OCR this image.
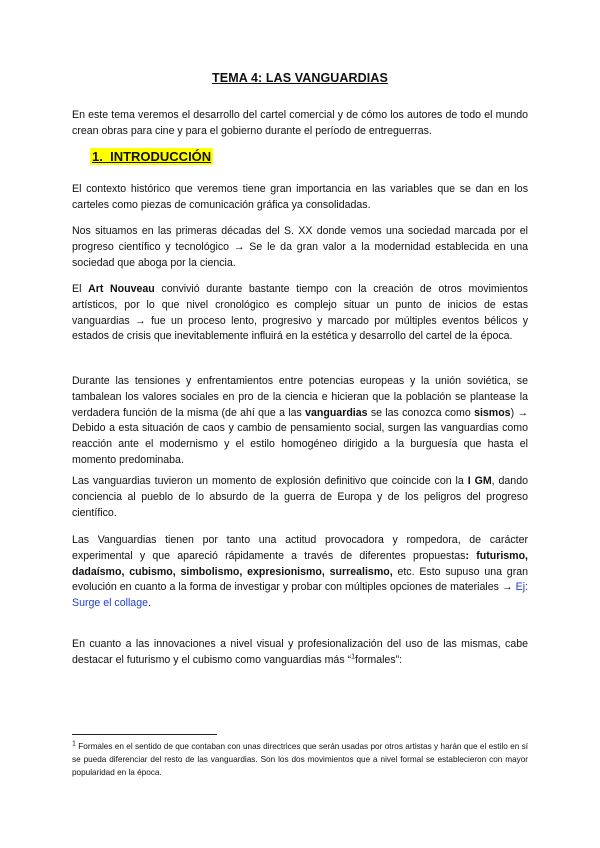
TEMA 4: LAS VANGUARDIAS

En este tema veremos el desarrollo del cartel comercial y de cómo los autores de todo el mundo crean obras para cine y para el gobierno durante el período de entreguerras.

1. INTRODUCCIÓN

El contexto histórico que veremos tiene gran importancia en las variables que se dan en los carteles como piezas de comunicación gráfica ya consolidadas.

Nos situamos en las primeras décadas del S. XX donde vemos una sociedad marcada por el progreso científico y tecnológico → Se le da gran valor a la modernidad establecida en una sociedad que aboga por la ciencia.

El Art Nouveau convivió durante bastante tiempo con la creación de otros movimientos artísticos, por lo que nivel cronológico es complejo situar un punto de inicios de estas vanguardias → fue un proceso lento, progresivo y marcado por múltiples eventos bélicos y estados de crisis que inevitablemente influirá en la estética y desarrollo del cartel de la época.

Durante las tensiones y enfrentamientos entre potencias europeas y la unión soviética, se tambalean los valores sociales en pro de la ciencia e hicieran que la población se plantease la verdadera función de la misma (de ahí que a las vanguardias se las conozca como sismos) → Debido a esta situación de caos y cambio de pensamiento social, surgen las vanguardias como reacción ante el modernismo y el estilo homogéneo dirigido a la burguesía que hasta el momento predominaba.

Las vanguardias tuvieron un momento de explosión definitivo que coincide con la I GM, dando conciencia al pueblo de lo absurdo de la guerra de Europa y de los peligros del progreso científico.

Las Vanguardias tienen por tanto una actitud provocadora y rompedora, de carácter experimental y que apareció rápidamente a través de diferentes propuestas: futurismo, dadaísmo, cubismo, simbolismo, expresionismo, surrealismo, etc. Esto supuso una gran evolución en cuanto a la forma de investigar y probar con múltiples opciones de materiales → Ej: Surge el collage.

En cuanto a las innovaciones a nivel visual y profesionalización del uso de las mismas, cabe destacar el futurismo y el cubismo como vanguardias más “$^1$formales”:

1 Formales en el sentido de que contaban con unas directrices que serán usadas por otros artistas y harán que el estilo en sí se pueda diferenciar del resto de las vanguardias. Son los dos movimientos que a nivel formal se establecieron con mayor popularidad en la época.
